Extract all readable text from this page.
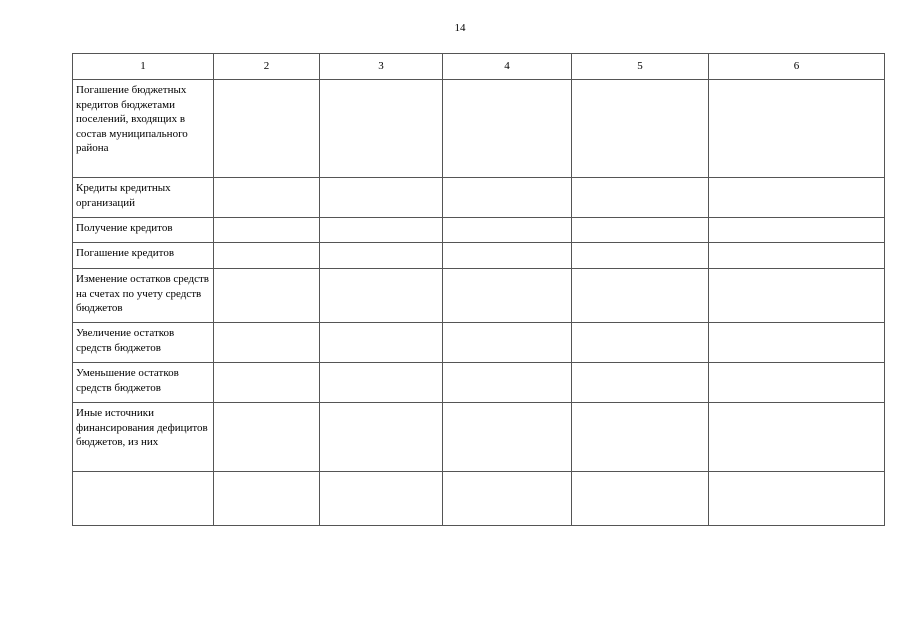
14
1	2	3	4	5	6
Погашение бюджетных кредитов бюджетами поселений, входящих в состав муниципального района					
Кредиты кредитных организаций					
Получение кредитов					
Погашение кредитов					
Изменение остатков средств на счетах по учету средств бюджетов					
Увеличение остатков средств бюджетов					
Уменьшение остатков средств бюджетов					
Иные источники финансирования дефицитов бюджетов, из них					
